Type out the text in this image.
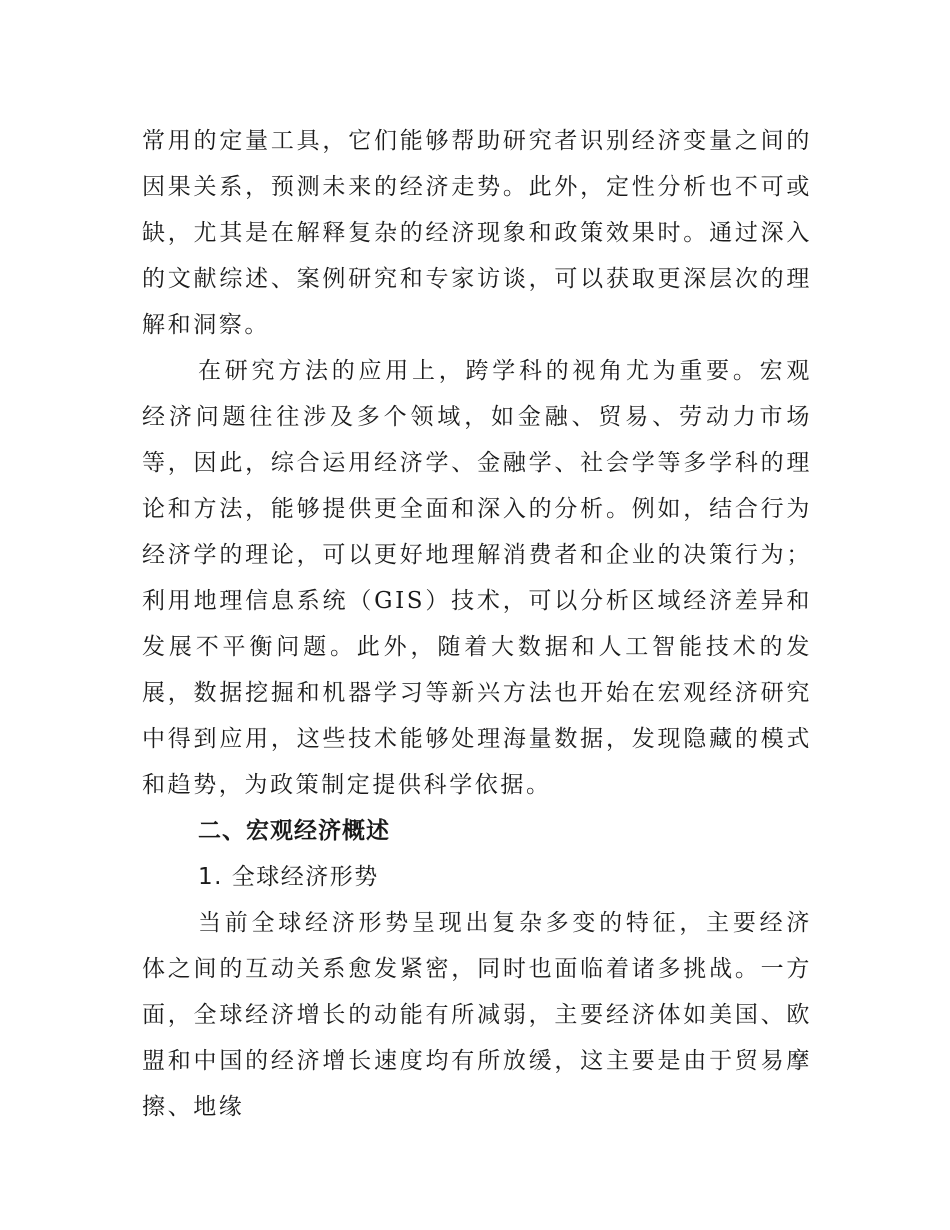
常用的定量工具，它们能够帮助研究者识别经济变量之间的因果关系，预测未来的经济走势。此外，定性分析也不可或缺，尤其是在解释复杂的经济现象和政策效果时。通过深入的文献综述、案例研究和专家访谈，可以获取更深层次的理解和洞察。

在研究方法的应用上，跨学科的视角尤为重要。宏观经济问题往往涉及多个领域，如金融、贸易、劳动力市场等，因此，综合运用经济学、金融学、社会学等多学科的理论和方法，能够提供更全面和深入的分析。例如，结合行为经济学的理论，可以更好地理解消费者和企业的决策行为；利用地理信息系统（GIS）技术，可以分析区域经济差异和发展不平衡问题。此外，随着大数据和人工智能技术的发展，数据挖掘和机器学习等新兴方法也开始在宏观经济研究中得到应用，这些技术能够处理海量数据，发现隐藏的模式和趋势，为政策制定提供科学依据。

二、宏观经济概述

1. 全球经济形势

当前全球经济形势呈现出复杂多变的特征，主要经济体之间的互动关系愈发紧密，同时也面临着诸多挑战。一方面，全球经济增长的动能有所减弱，主要经济体如美国、欧盟和中国的经济增长速度均有所放缓，这主要是由于贸易摩擦、地缘
